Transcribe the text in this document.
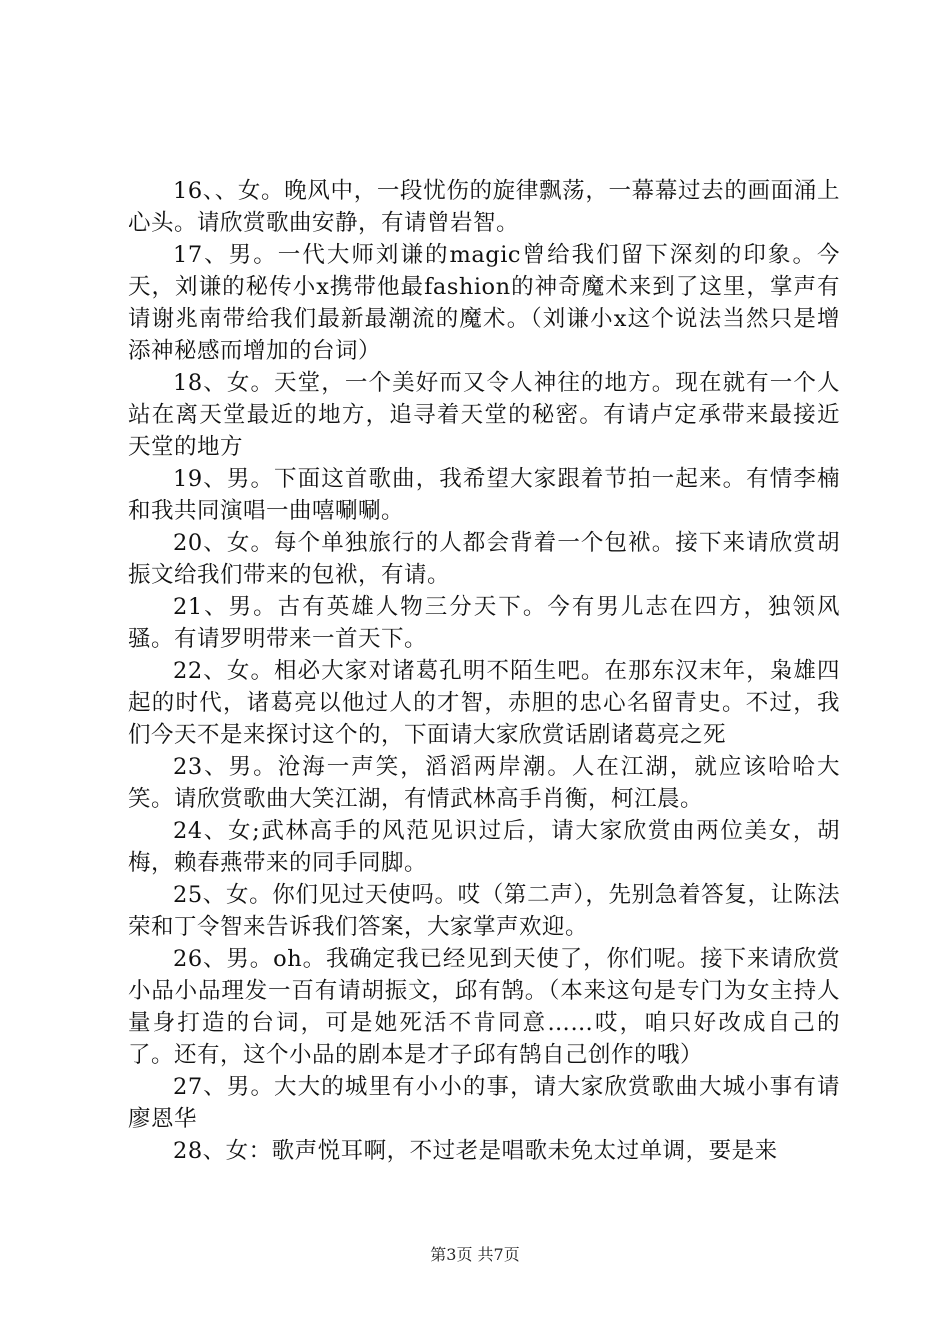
16、、女。晚风中，一段忧伤的旋律飘荡，一幕幕过去的画面涌上心头。请欣赏歌曲安静，有请曾岩智。

17、男。一代大师刘谦的magic曾给我们留下深刻的印象。今天，刘谦的秘传小x携带他最fashion的神奇魔术来到了这里，掌声有请谢兆南带给我们最新最潮流的魔术。（刘谦小x这个说法当然只是增添神秘感而增加的台词）

18、女。天堂，一个美好而又令人神往的地方。现在就有一个人站在离天堂最近的地方，追寻着天堂的秘密。有请卢定承带来最接近天堂的地方

19、男。下面这首歌曲，我希望大家跟着节拍一起来。有情李楠和我共同演唱一曲嘻唰唰。

20、女。每个单独旅行的人都会背着一个包袱。接下来请欣赏胡振文给我们带来的包袱，有请。

21、男。古有英雄人物三分天下。今有男儿志在四方，独领风骚。有请罗明带来一首天下。

22、女。相必大家对诸葛孔明不陌生吧。在那东汉末年，枭雄四起的时代，诸葛亮以他过人的才智，赤胆的忠心名留青史。不过，我们今天不是来探讨这个的，下面请大家欣赏话剧诸葛亮之死

23、男。沧海一声笑，滔滔两岸潮。人在江湖，就应该哈哈大笑。请欣赏歌曲大笑江湖，有情武林高手肖衡，柯江晨。

24、女;武林高手的风范见识过后，请大家欣赏由两位美女，胡梅，赖春燕带来的同手同脚。

25、女。你们见过天使吗。哎（第二声），先别急着答复，让陈法荣和丁令智来告诉我们答案，大家掌声欢迎。

26、男。oh。我确定我已经见到天使了，你们呢。接下来请欣赏小品小品理发一百有请胡振文，邱有鹄。（本来这句是专门为女主持人量身打造的台词，可是她死活不肯同意……哎，咱只好改成自己的了。还有，这个小品的剧本是才子邱有鹄自己创作的哦）

27、男。大大的城里有小小的事，请大家欣赏歌曲大城小事有请廖恩华

28、女：歌声悦耳啊，不过老是唱歌未免太过单调，要是来

第3页 共7页
